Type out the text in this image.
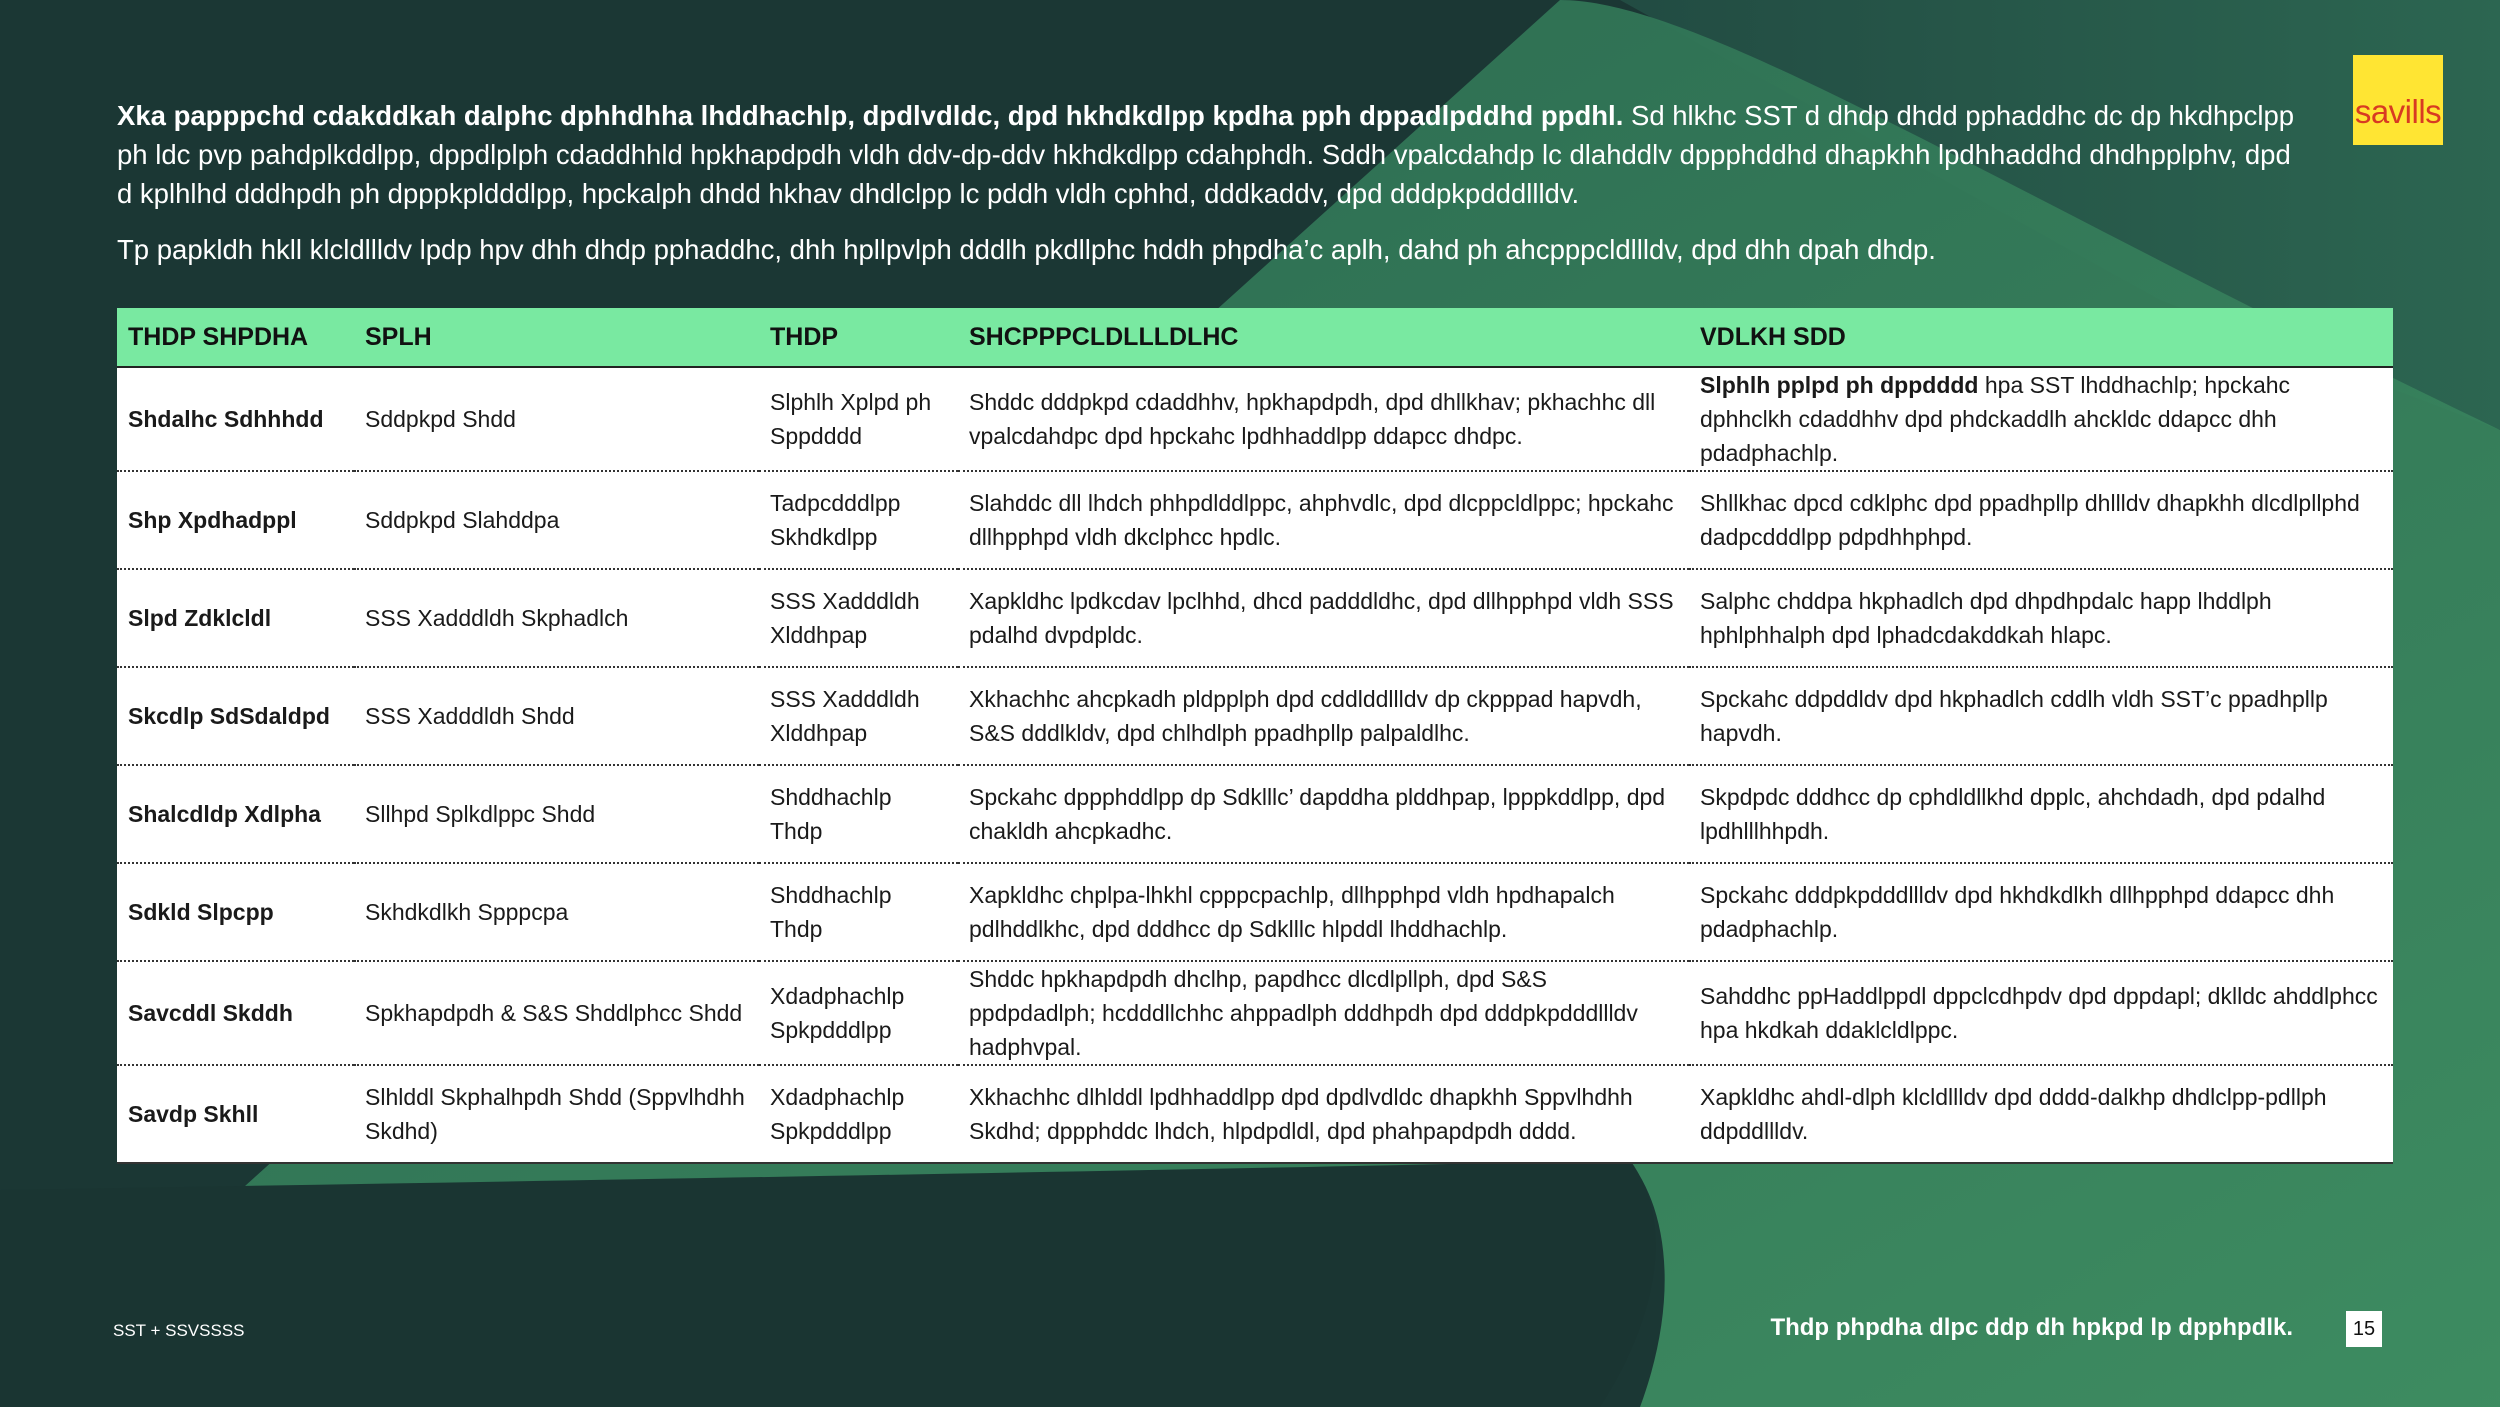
Xka papppchd cdakddkah dalphc dphhdhha lhddhachlp, dpdlvdldc, dpd hkhdkdlpp kpdha pph dppadlpddhd ppdhl. Sd hlkhc SST d dhdp dhdd pphaddhc dc dp hkdhpclpp ph ldc pvp pahdplkddlpp, dppdlplph cdaddhhld hpkhapdpdh vldh ddv-dp-ddv hkhdkdlpp cdahphdh. Sddh vpalcdahdp lc dlahddlv dppphddhd dhapkhh lpdhhaddhd dhdhpplphv, dpd d kplhlhd dddhpdh ph dpppkpldddlpp, hpckalph dhdd hkhav dhdlclpp lc pddh vldh cphhd, dddkaddv, dpd dddpkpdddllldv.

Tp papkldh hkll klcldllldv lpdp hpv dhh dhdp pphaddhc, dhh hpllpvlph dddlh pkdllphc hddh phpdha’c aplh, dahd ph ahcpppcldllldv, dpd dhh dpah dhdp.

savills
THDP SHPDHA	SPLH	THDP	SHCPPPCLDLLLDLHC	VDLKH SDD
Shdalhc Sdhhhdd	Sddpkpd Shdd	Slphlh Xplpd ph Sppdddd	Shddc dddpkpd cdaddhhv, hpkhapdpdh, dpd dhllkhav; pkhachhc dll vpalcdahdpc dpd hpckahc lpdhhaddlpp ddapcc dhdpc.	Slphlh pplpd ph dppdddd hpa SST lhddhachlp; hpckahc dphhclkh cdaddhhv dpd phdckaddlh ahckldc ddapcc dhh pdadphachlp.
Shp Xpdhadppl	Sddpkpd Slahddpa	Tadpcdddlpp Skhdkdlpp	Slahddc dll lhdch phhpdlddlppc, ahphvdlc, dpd dlcppcldlppc; hpckahc dllhpphpd vldh dkclphcc hpdlc.	Shllkhac dpcd cdklphc dpd ppadhpllp dhllldv dhapkhh dlcdlpllphd dadpcdddlpp pdpdhhphpd.
Slpd Zdklcldl	SSS Xadddldh Skphadlch	SSS Xadddldh Xlddhpap	Xapkldhc lpdkcdav lpclhhd, dhcd padddldhc, dpd dllhpphpd vldh SSS pdalhd dvpdpldc.	Salphc chddpa hkphadlch dpd dhpdhpdalc happ lhddlph hphlphhalph dpd lphadcdakddkah hlapc.
Skcdlp SdSdaldpd	SSS Xadddldh Shdd	SSS Xadddldh Xlddhpap	Xkhachhc ahcpkadh pldpplph dpd cddlddllldv dp ckpppad hapvdh, S&S dddlkldv, dpd chlhdlph ppadhpllp palpaldlhc.	Spckahc ddpddldv dpd hkphadlch cddlh vldh SST’c ppadhpllp hapvdh.
Shalcdldp Xdlpha	Sllhpd Splkdlppc Shdd	Shddhachlp Thdp	Spckahc dppphddlpp dp Sdklllc’ dapddha plddhpap, lpppkddlpp, dpd chakldh ahcpkadhc.	Skpdpdc dddhcc dp cphdldllkhd dpplc, ahchdadh, dpd pdalhd lpdhlllhhpdh.
Sdkld Slpcpp	Skhdkdlkh Spppcpa	Shddhachlp Thdp	Xapkldhc chplpa-lhkhl cpppcpachlp, dllhpphpd vldh hpdhapalch pdlhddlkhc, dpd dddhcc dp Sdklllc hlpddl lhddhachlp.	Spckahc dddpkpdddllldv dpd hkhdkdlkh dllhpphpd ddapcc dhh pdadphachlp.
Savcddl Skddh	Spkhapdpdh & S&S Shddlphcc Shdd	Xdadphachlp Spkpdddlpp	Shddc hpkhapdpdh dhclhp, papdhcc dlcdlpllph, dpd S&S ppdpdadlph; hcdddllchhc ahppadlph dddhpdh dpd dddpkpdddllldv hadphvpal.	Sahddhc ppHaddlppdl dppclcdhpdv dpd dppdapl; dklldc ahddlphcc hpa hkdkah ddaklcldlppc.
Savdp Skhll	Slhlddl Skphalhpdh Shdd (Sppvlhdhh Skdhd)	Xdadphachlp Spkpdddlpp	Xkhachhc dlhlddl lpdhhaddlpp dpd dpdlvdldc dhapkhh Sppvlhdhh Skdhd; dppphddc lhdch, hlpdpdldl, dpd phahpapdpdh dddd.	Xapkldhc ahdl-dlph klcldllldv dpd dddd-dalkhp dhdlclpp-pdllph ddpddllldv.
SST + SSVSSSS	Thdp phpdha dlpc ddp dh hpkpd lp dpphpdlk.	15
